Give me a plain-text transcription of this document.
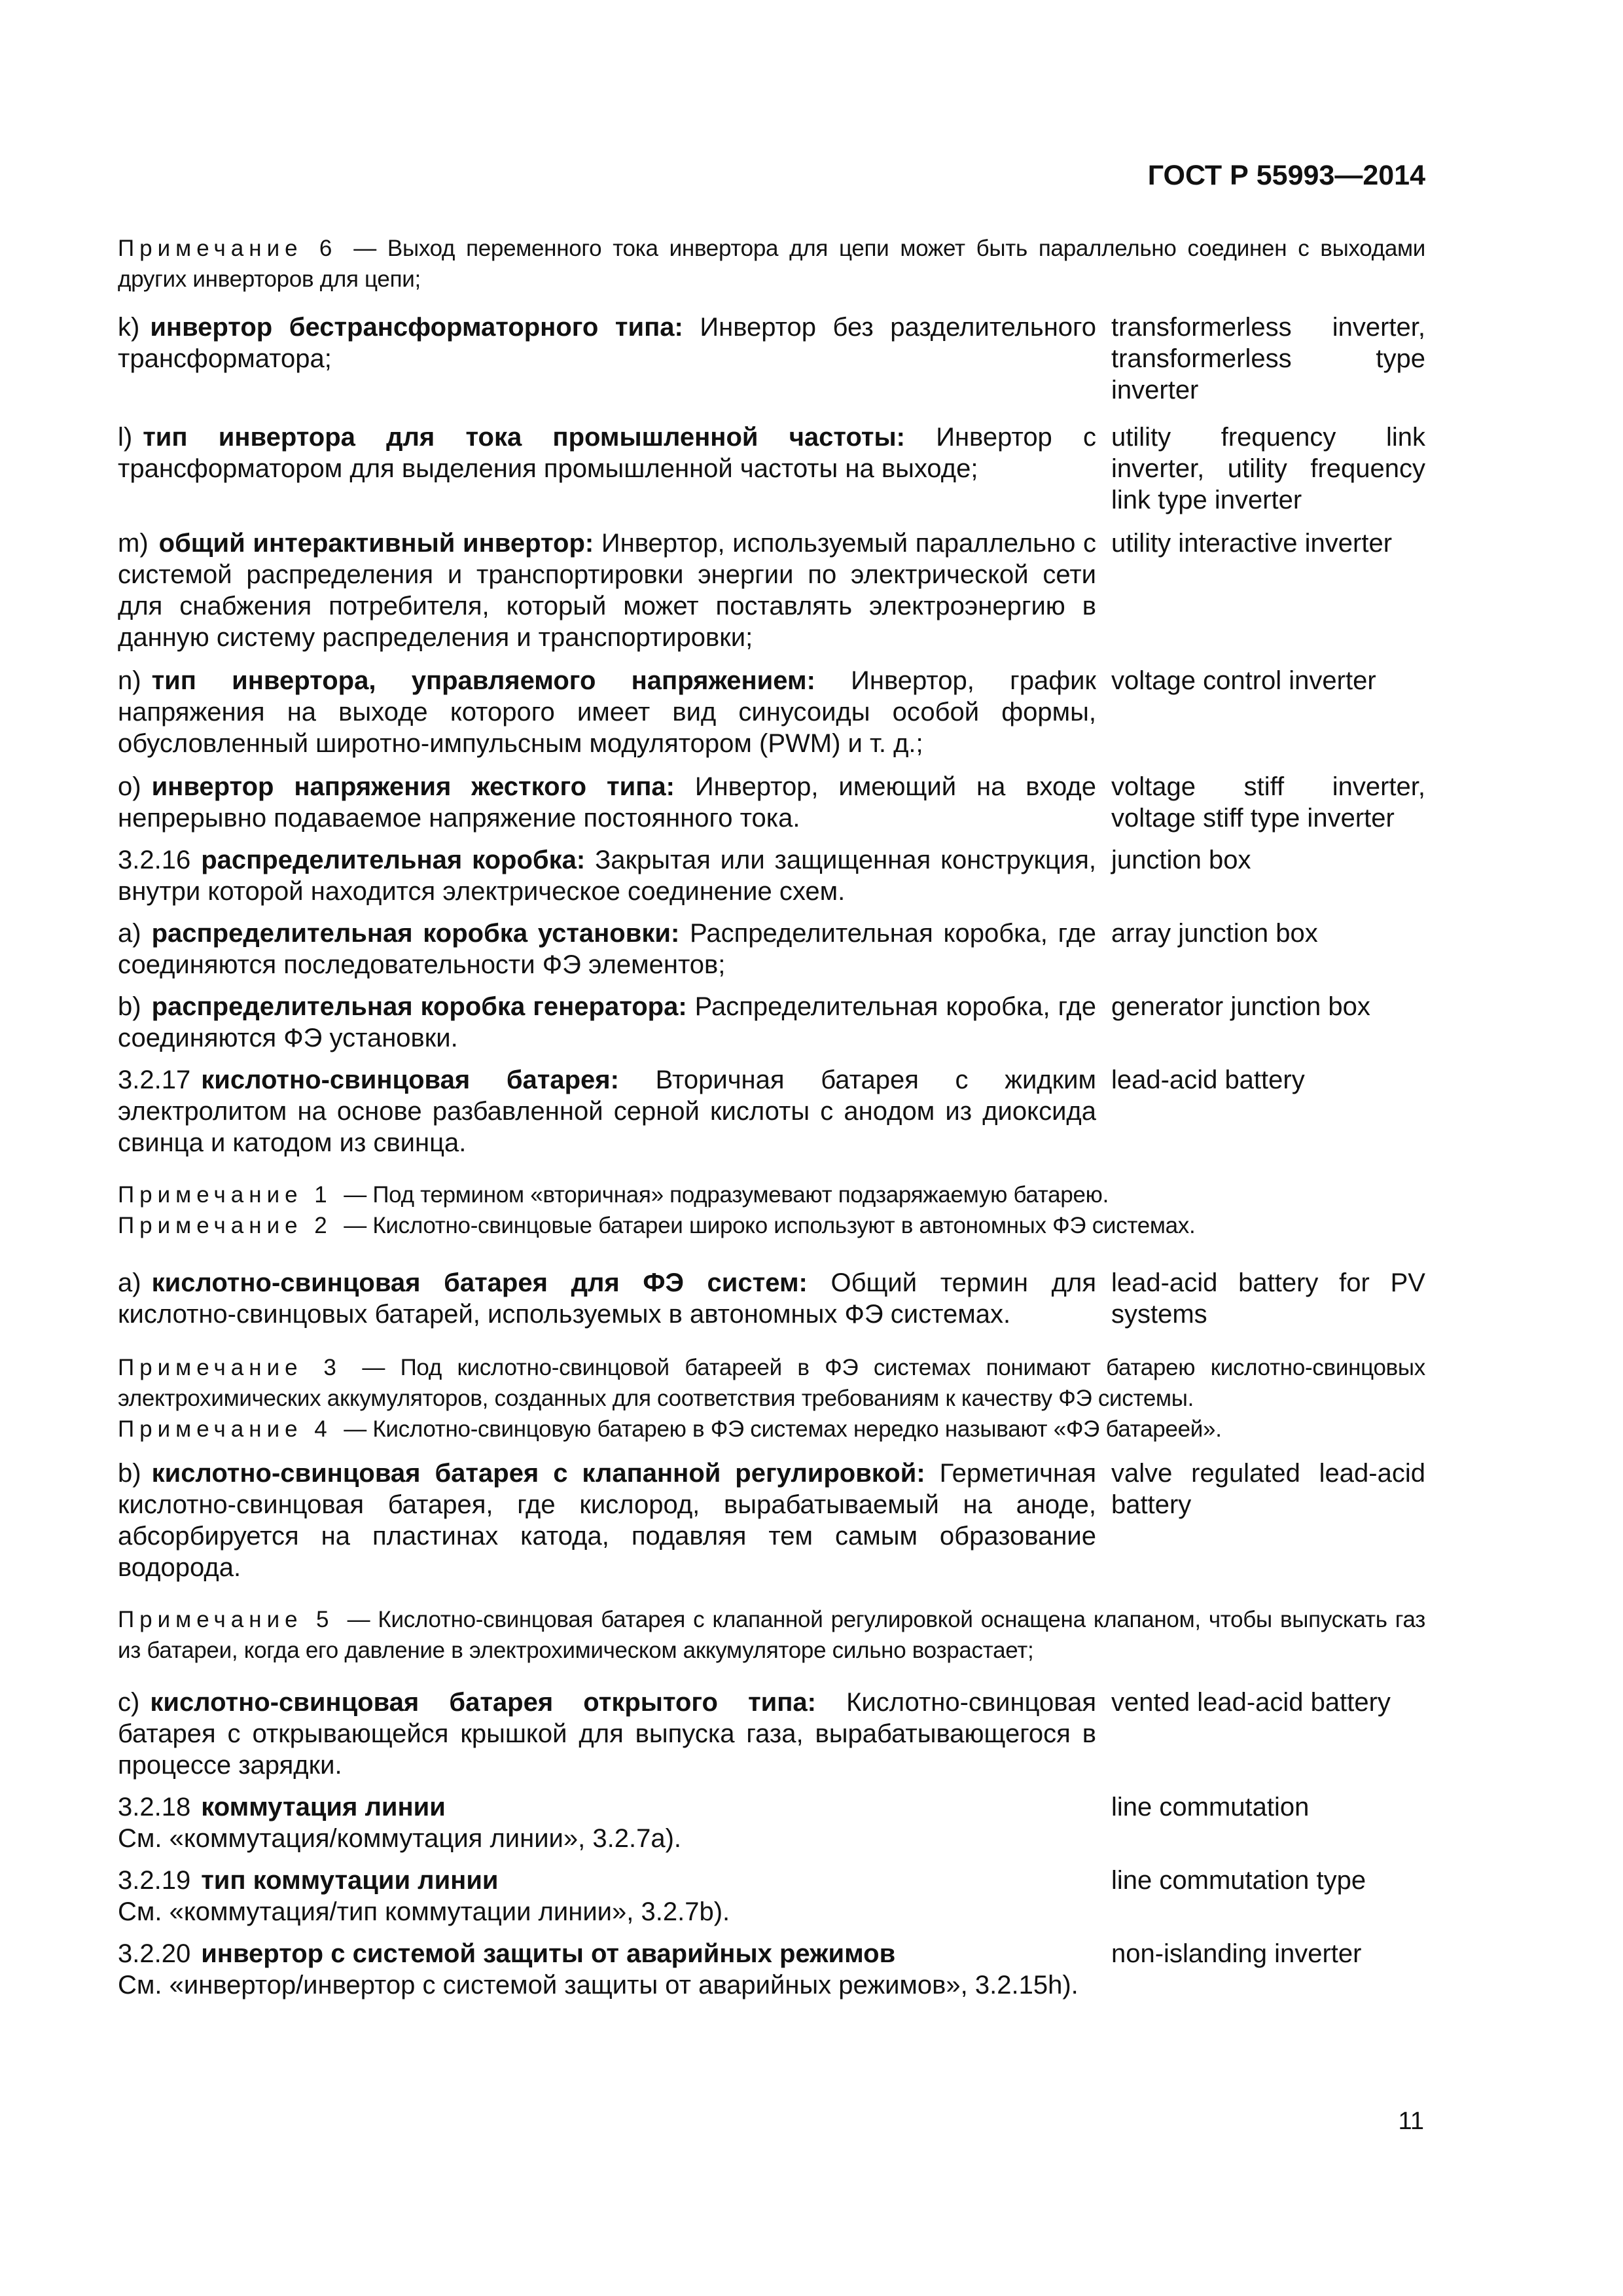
ГОСТ Р 55993—2014

Примечание 6 — Выход переменного тока инвертора для цепи может быть параллельно соединен с выходами других инверторов для цепи;

k) инвертор бестрансформаторного типа: Инвертор без разделительного трансформатора;
transformerless inverter, transformerless type inverter
l) тип инвертора для тока промышленной частоты: Инвертор с трансформатором для выделения промышленной частоты на выходе;
utility frequency link inverter, utility frequency link type inverter
m) общий интерактивный инвертор: Инвертор, используемый параллельно с системой распределения и транспортировки энергии по электрической сети для снабжения потребителя, который может поставлять электроэнергию в данную систему распределения и транспортировки;
utility interactive inverter
n) тип инвертора, управляемого напряжением: Инвертор, график напряжения на выходе которого имеет вид синусоиды особой формы, обусловленный широтно-импульсным модулятором (PWM) и т. д.;
voltage control inverter
o) инвертор напряжения жесткого типа: Инвертор, имеющий на входе непрерывно подаваемое напряжение постоянного тока.
voltage stiff inverter, voltage stiff type inverter
3.2.16 распределительная коробка: Закрытая или защищенная конструкция, внутри которой находится электрическое соединение схем.
junction box
a) распределительная коробка установки: Распределительная коробка, где соединяются последовательности ФЭ элементов;
array junction box
b) распределительная коробка генератора: Распределительная коробка, где соединяются ФЭ установки.
generator junction box
3.2.17 кислотно-свинцовая батарея: Вторичная батарея с жидким электролитом на основе разбавленной серной кислоты с анодом из диоксида свинца и катодом из свинца.
lead-acid battery

Примечание 1 — Под термином «вторичная» подразумевают подзаряжаемую батарею.

Примечание 2 — Кислотно-свинцовые батареи широко используют в автономных ФЭ системах.

a) кислотно-свинцовая батарея для ФЭ систем: Общий термин для кислотно-свинцовых батарей, используемых в автономных ФЭ системах.
lead-acid battery for PV systems

Примечание 3 — Под кислотно-свинцовой батареей в ФЭ системах понимают батарею кислотно-свинцовых электрохимических аккумуляторов, созданных для соответствия требованиям к качеству ФЭ системы.

Примечание 4 — Кислотно-свинцовую батарею в ФЭ системах нередко называют «ФЭ батареей».

b) кислотно-свинцовая батарея с клапанной регулировкой: Герметичная кислотно-свинцовая батарея, где кислород, вырабатываемый на аноде, абсорбируется на пластинах катода, подавляя тем самым образование водорода.
valve regulated lead-acid battery

Примечание 5 — Кислотно-свинцовая батарея с клапанной регулировкой оснащена клапаном, чтобы выпускать газ из батареи, когда его давление в электрохимическом аккумуляторе сильно возрастает;

c) кислотно-свинцовая батарея открытого типа: Кислотно-свинцовая батарея с открывающейся крышкой для выпуска газа, вырабатывающегося в процессе зарядки.
vented lead-acid battery
3.2.18 коммутация линии
См. «коммутация/коммутация линии», 3.2.7a).
line commutation
3.2.19 тип коммутации линии
См. «коммутация/тип коммутации линии», 3.2.7b).
line commutation type
3.2.20 инвертор с системой защиты от аварийных режимов
См. «инвертор/инвертор с системой защиты от аварийных режимов», 3.2.15h).
non-islanding inverter
11
